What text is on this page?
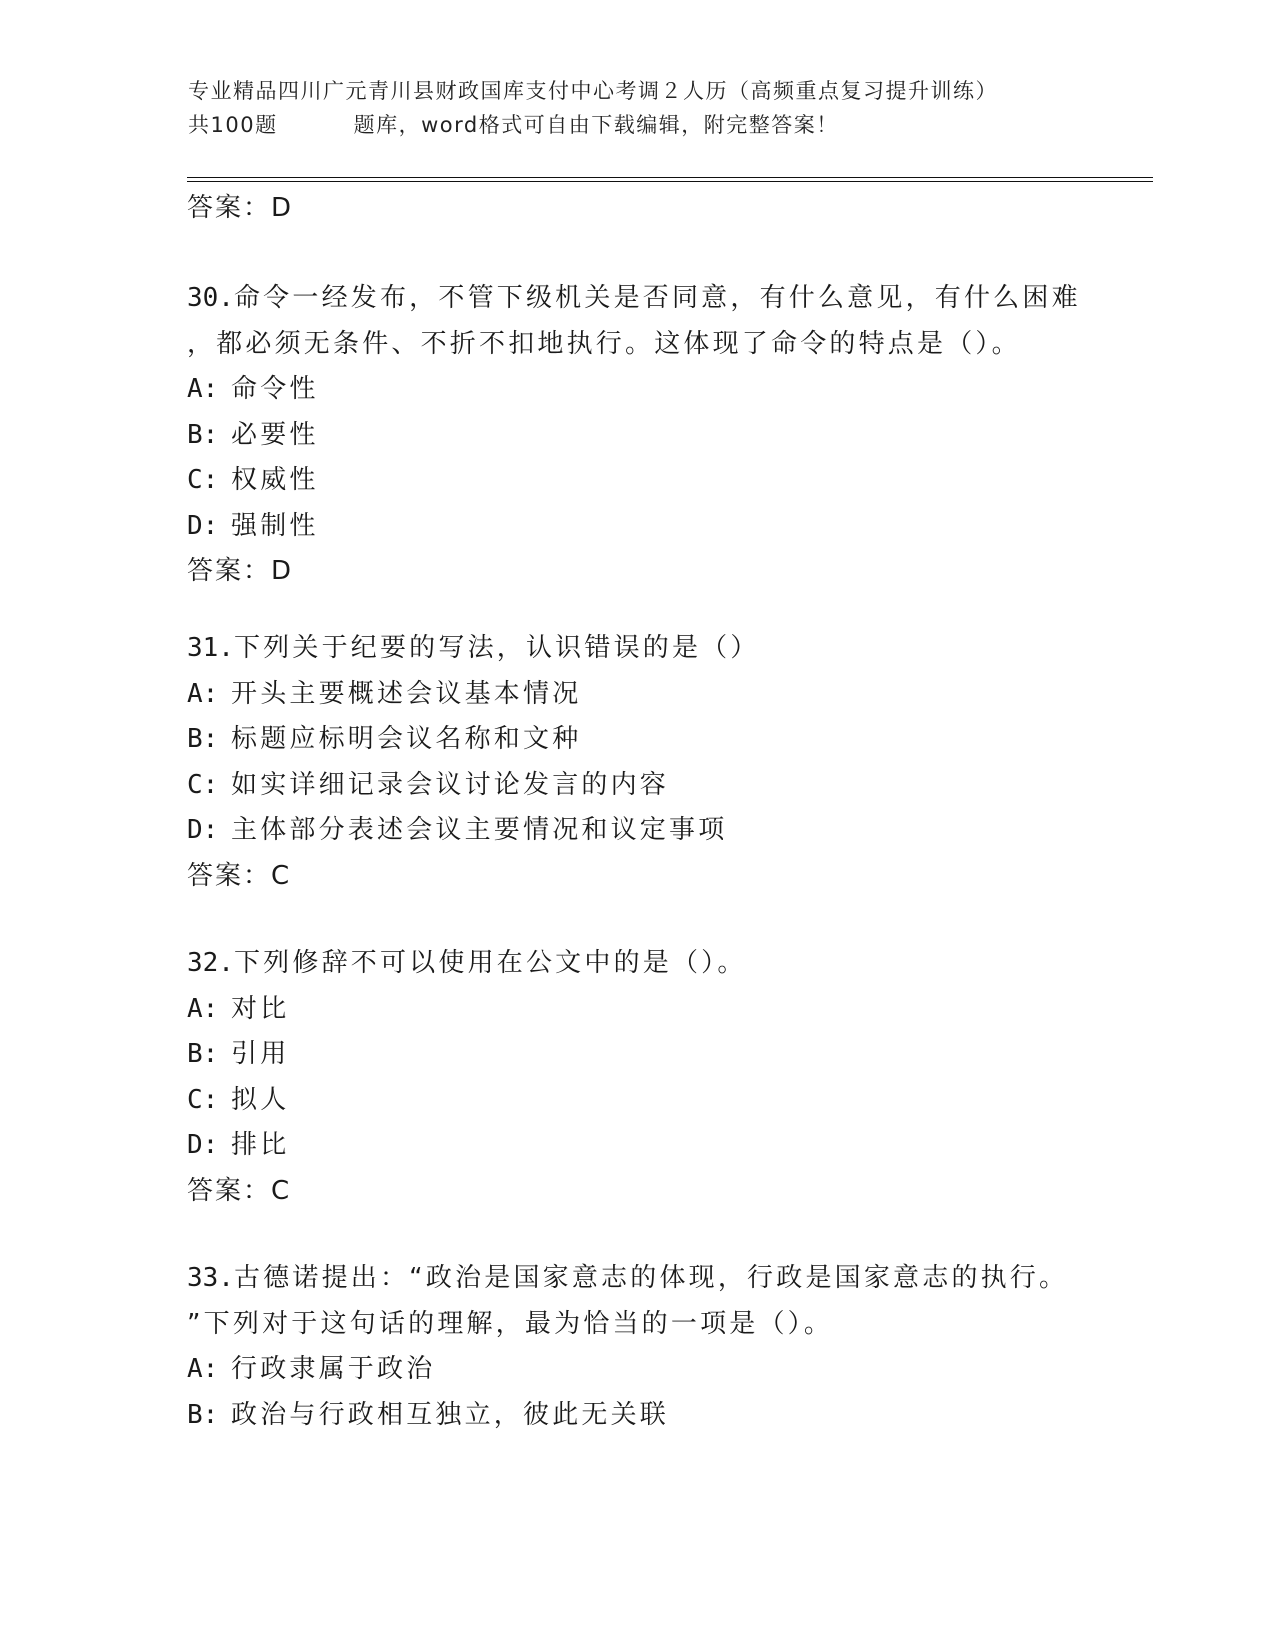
专业精品四川广元青川县财政国库支付中心考调２人历（高频重点复习提升训练）
共100题	题库，word格式可自由下载编辑，附完整答案！
答案：D
30.命令一经发布，不管下级机关是否同意，有什么意见，有什么困难
，都必须无条件、不折不扣地执行。这体现了命令的特点是（）。
A: 命令性
B: 必要性
C: 权威性
D: 强制性
答案：D
31.下列关于纪要的写法，认识错误的是（）
A: 开头主要概述会议基本情况
B: 标题应标明会议名称和文种
C: 如实详细记录会议讨论发言的内容
D: 主体部分表述会议主要情况和议定事项
答案：C
32.下列修辞不可以使用在公文中的是（）。
A: 对比
B: 引用
C: 拟人
D: 排比
答案：C
33.古德诺提出：“政治是国家意志的体现，行政是国家意志的执行。
”下列对于这句话的理解，最为恰当的一项是（）。
A: 行政隶属于政治
B: 政治与行政相互独立，彼此无关联
